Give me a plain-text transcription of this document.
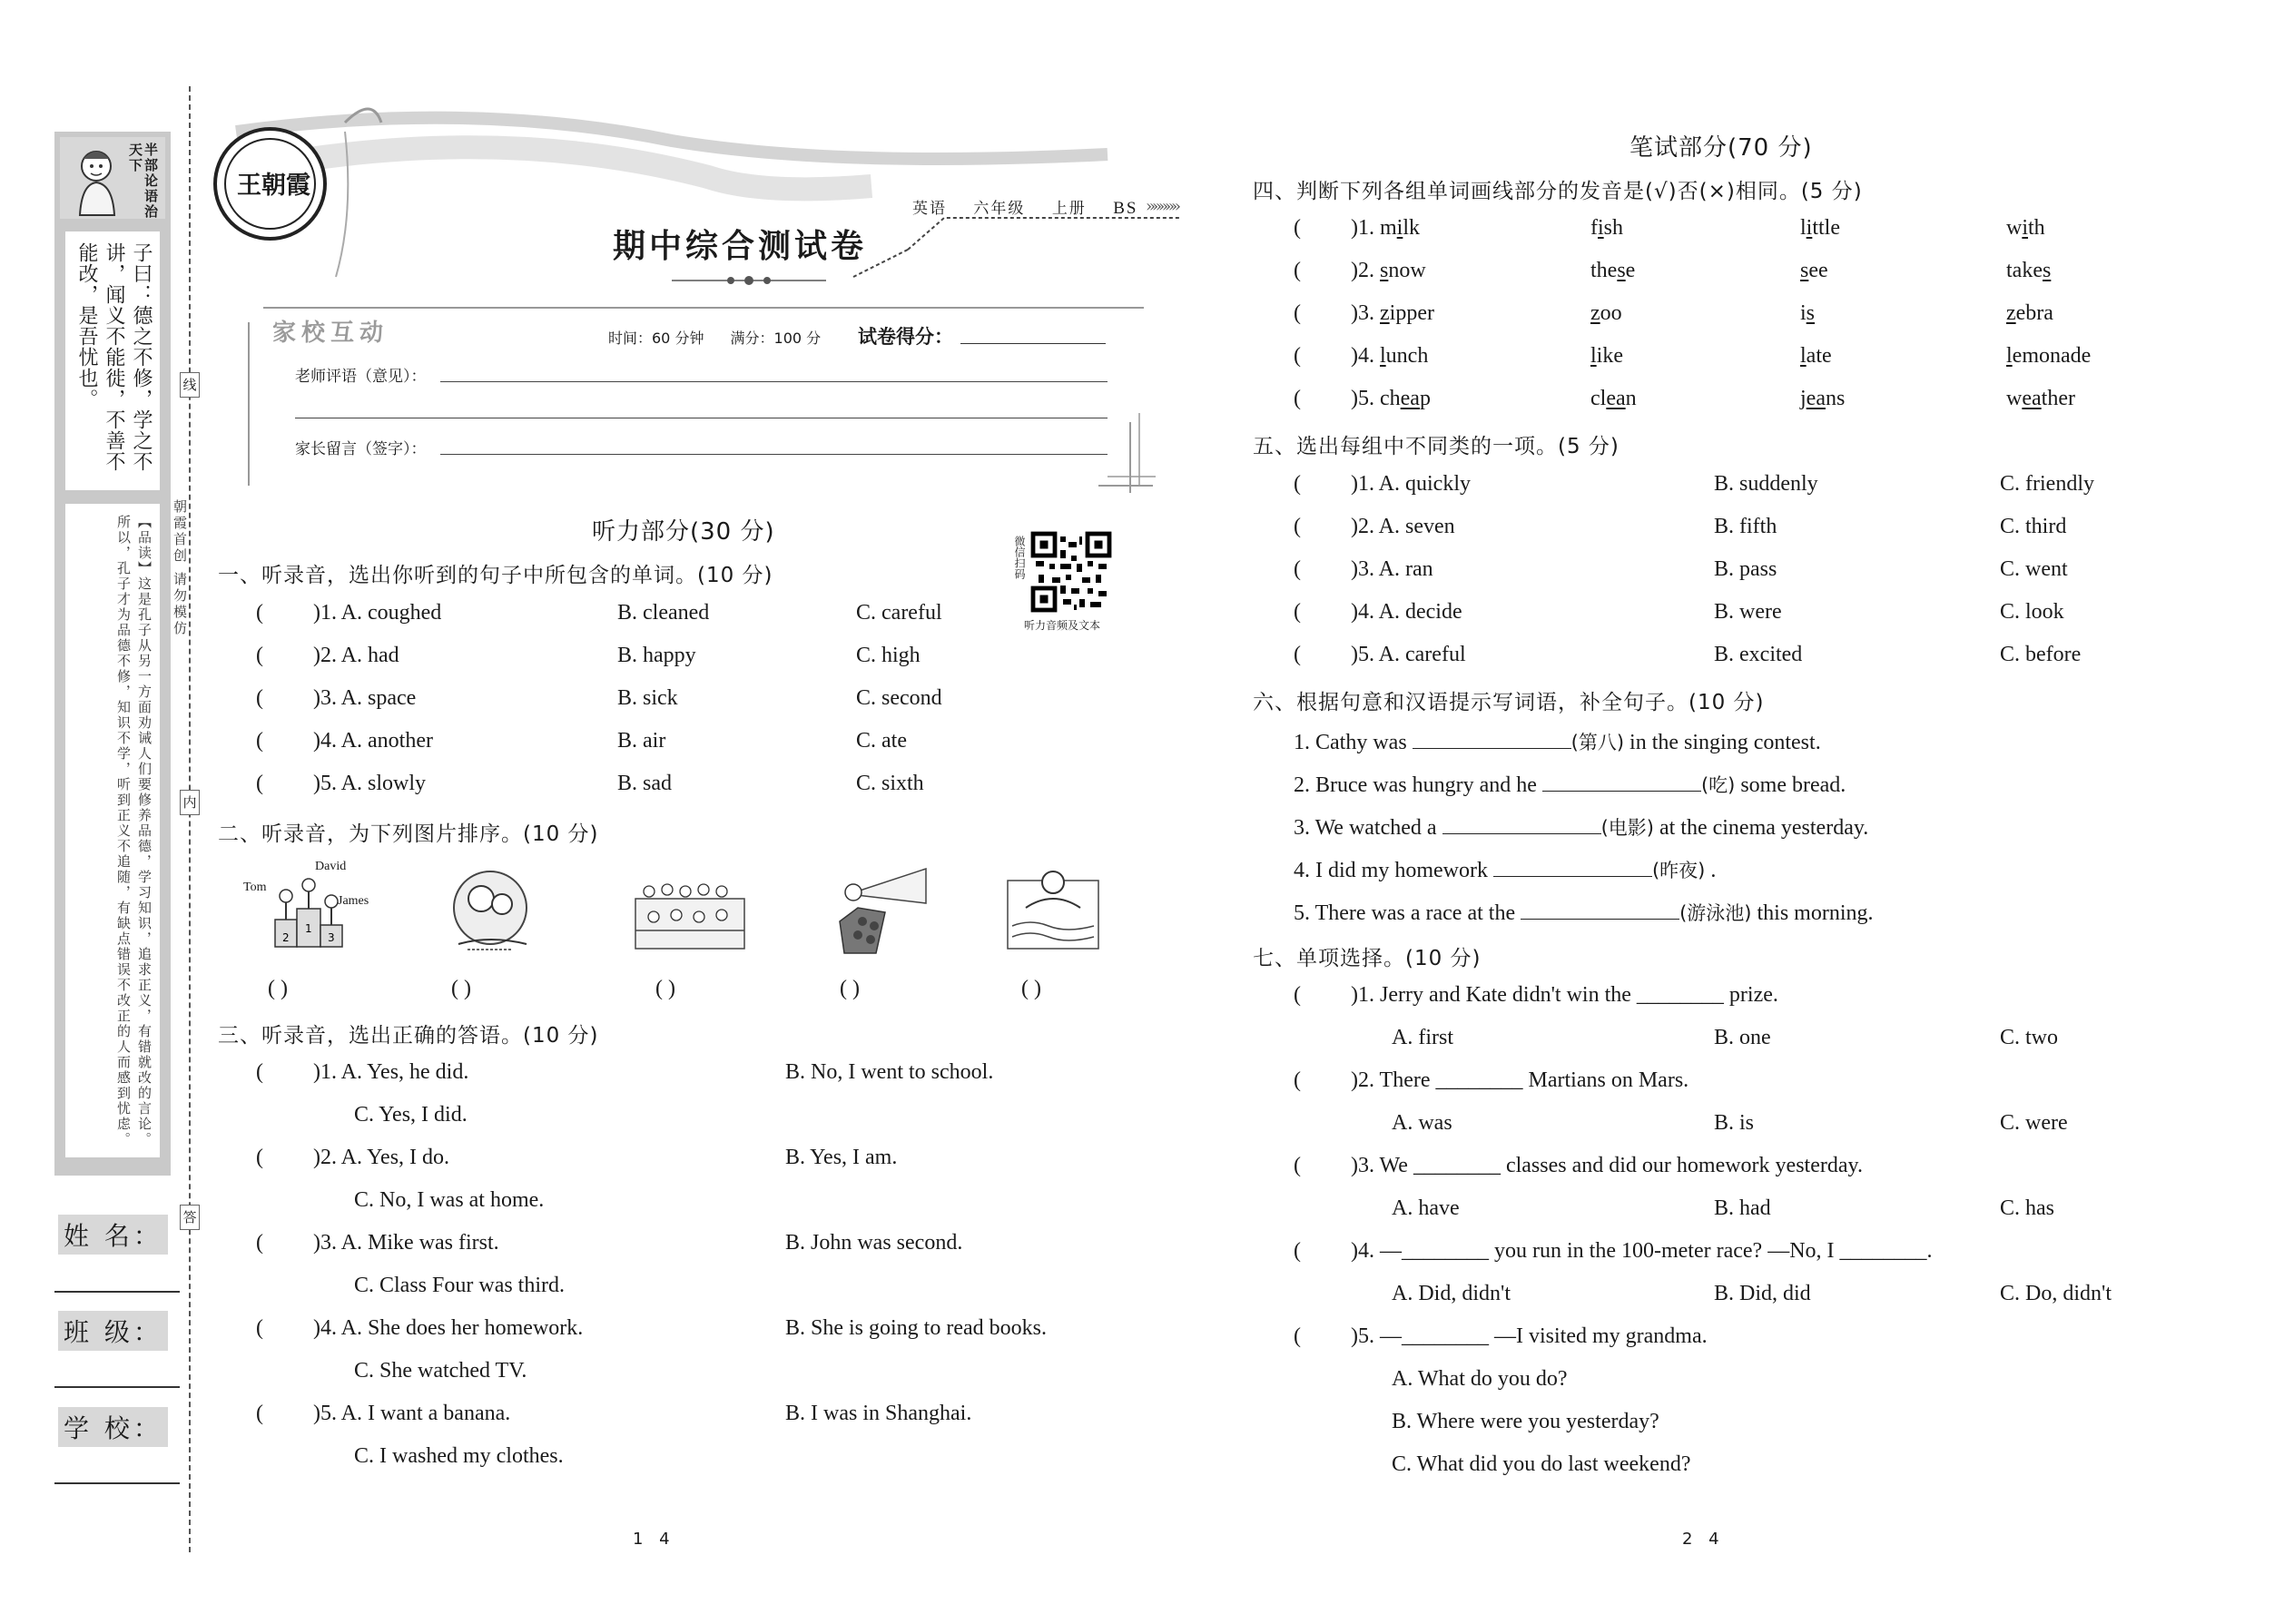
半部论语治天下
子曰：德之不修，学之不讲，闻义不能徙，不善不能改，是吾忧也。
【品读】这是孔子从另一方面劝诫人们要修养品德，学习知识，追求正义，有错就改的言论。所以，孔子才为品德不修，知识不学，听到正义不追随，有缺点错误不改正的人而感到忧虑。
线
内
答
朝霞首创 请勿模仿
姓 名：
班 级：
学 校：
王朝霞
英语 六年级 上册 BS »»»»»
期中综合测试卷
家校互动	时间：60 分钟 满分：100 分	试卷得分：
老师评语（意见）：
家长留言（签字）：
微信扫码
听力音频及文本
听力部分(30 分)
一、听录音，选出你听到的句子中所包含的单词。(10 分)
二、听录音，为下列图片排序。(10 分)
2
1
3
Tom
David
James
( )	( )	( )	( )	( )
三、听录音，选出正确的答语。(10 分)
1 4
笔试部分(70 分)
四、判断下列各组单词画线部分的发音是(√)否(×)相同。(5 分)
五、选出每组中不同类的一项。(5 分)
六、根据句意和汉语提示写词语，补全句子。(10 分)
七、单项选择。(10 分)
2 4
( )1. A. coughed	B. cleaned	C. careful
( )2. A. had	B. happy	C. high
( )3. A. space	B. sick	C. second
( )4. A. another	B. air	C. ate
( )5. A. slowly	B. sad	C. sixth
( )1. A. Yes, he did.	B. No, I went to school.
C. Yes, I did.
( )2. A. Yes, I do.	B. Yes, I am.
C. No, I was at home.
( )3. A. Mike was first.	B. John was second.
C. Class Four was third.
( )4. A. She does her homework.	B. She is going to read books.
C. She watched TV.
( )5. A. I want a banana.	B. I was in Shanghai.
C. I washed my clothes.
( )1. milk	fish	little	with
( )2. snow	these	see	takes
( )3. zipper	zoo	is	zebra
( )4. lunch	like	late	lemonade
( )5. cheap	clean	jeans	weather
( )1. A. quickly	B. suddenly	C. friendly
( )2. A. seven	B. fifth	C. third
( )3. A. ran	B. pass	C. went
( )4. A. decide	B. were	C. look
( )5. A. careful	B. excited	C. before
1. Cathy was	(第八) in the singing contest.
2. Bruce was hungry and he	(吃) some bread.
3. We watched a	(电影) at the cinema yesterday.
4. I did my homework	(昨夜) .
5. There was a race at the	(游泳池) this morning.
( )1. Jerry and Kate didn't win the ________ prize.
A. first	B. one	C. two
( )2. There ________ Martians on Mars.
A. was	B. is	C. were
( )3. We ________ classes and did our homework yesterday.
A. have	B. had	C. has
( )4. —________ you run in the 100-meter race? —No, I ________.
A. Did, didn't	B. Did, did	C. Do, didn't
( )5. —________ —I visited my grandma.
A. What do you do?
B. Where were you yesterday?
C. What did you do last weekend?
